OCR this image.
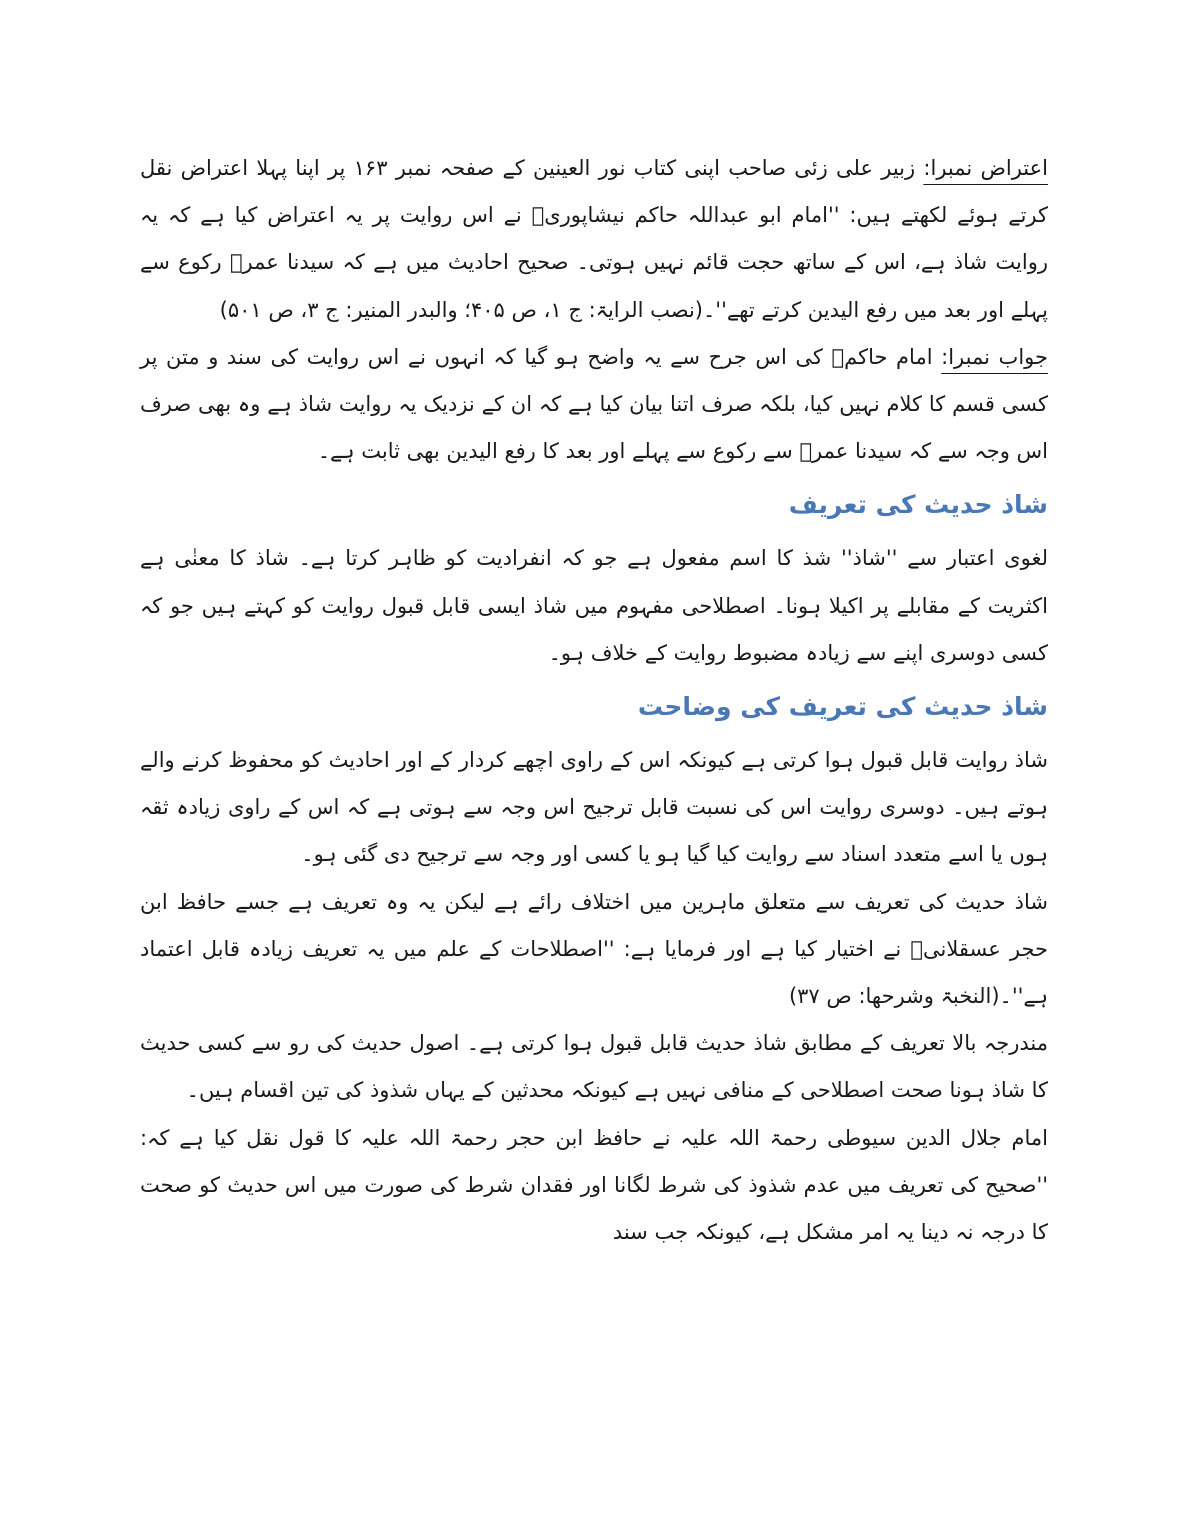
اعتراض نمبرا: زبیر علی زئی صاحب اپنی کتاب نور العینین کے صفحہ نمبر ۱۶۳ پر اپنا پہلا اعتراض نقل کرتے ہوئے لکھتے ہیں: ''امام ابو عبداللہ حاکم نیشاپوریؒ نے اس روایت پر یہ اعتراض کیا ہے کہ یہ روایت شاذ ہے، اس کے ساتھ حجت قائم نہیں ہوتی۔ صحیح احادیث میں ہے کہ سیدنا عمرؓ رکوع سے پہلے اور بعد میں رفع الیدین کرتے تھے''۔(نصب الرایۃ: ج ۱، ص ۴۰۵؛ والبدر المنیر: ج ۳، ص ۵۰۱)

جواب نمبرا: امام حاکمؒ کی اس جرح سے یہ واضح ہو گیا کہ انہوں نے اس روایت کی سند و متن پر کسی قسم کا کلام نہیں کیا، بلکہ صرف اتنا بیان کیا ہے کہ ان کے نزدیک یہ روایت شاذ ہے وہ بھی صرف اس وجہ سے کہ سیدنا عمرؓ سے رکوع سے پہلے اور بعد کا رفع الیدین بھی ثابت ہے۔

شاذ حدیث کی تعریف

لغوی اعتبار سے ''شاذ'' شذ کا اسم مفعول ہے جو کہ انفرادیت کو ظاہر کرتا ہے۔ شاذ کا معنٰی ہے اکثریت کے مقابلے پر اکیلا ہونا۔ اصطلاحی مفہوم میں شاذ ایسی قابل قبول روایت کو کہتے ہیں جو کہ کسی دوسری اپنے سے زیادہ مضبوط روایت کے خلاف ہو۔

شاذ حدیث کی تعریف کی وضاحت

شاذ روایت قابل قبول ہوا کرتی ہے کیونکہ اس کے راوی اچھے کردار کے اور احادیث کو محفوظ کرنے والے ہوتے ہیں۔ دوسری روایت اس کی نسبت قابل ترجیح اس وجہ سے ہوتی ہے کہ اس کے راوی زیادہ ثقہ ہوں یا اسے متعدد اسناد سے روایت کیا گیا ہو یا کسی اور وجہ سے ترجیح دی گئی ہو۔

شاذ حدیث کی تعریف سے متعلق ماہرین میں اختلاف رائے ہے لیکن یہ وہ تعریف ہے جسے حافظ ابن حجر عسقلانیؒ نے اختیار کیا ہے اور فرمایا ہے: ''اصطلاحات کے علم میں یہ تعریف زیادہ قابل اعتماد ہے''۔(النخبۃ وشرحھا: ص ۳۷)

مندرجہ بالا تعریف کے مطابق شاذ حدیث قابل قبول ہوا کرتی ہے۔ اصول حدیث کی رو سے کسی حدیث کا شاذ ہونا صحت اصطلاحی کے منافی نہیں ہے کیونکہ محدثین کے یہاں شذوذ کی تین اقسام ہیں۔

امام جلال الدین سیوطی رحمۃ اللہ علیہ نے حافظ ابن حجر رحمۃ اللہ علیہ کا قول نقل کیا ہے کہ: ''صحیح کی تعریف میں عدم شذوذ کی شرط لگانا اور فقدان شرط کی صورت میں اس حدیث کو صحت کا درجہ نہ دینا یہ امر مشکل ہے، کیونکہ جب سند
